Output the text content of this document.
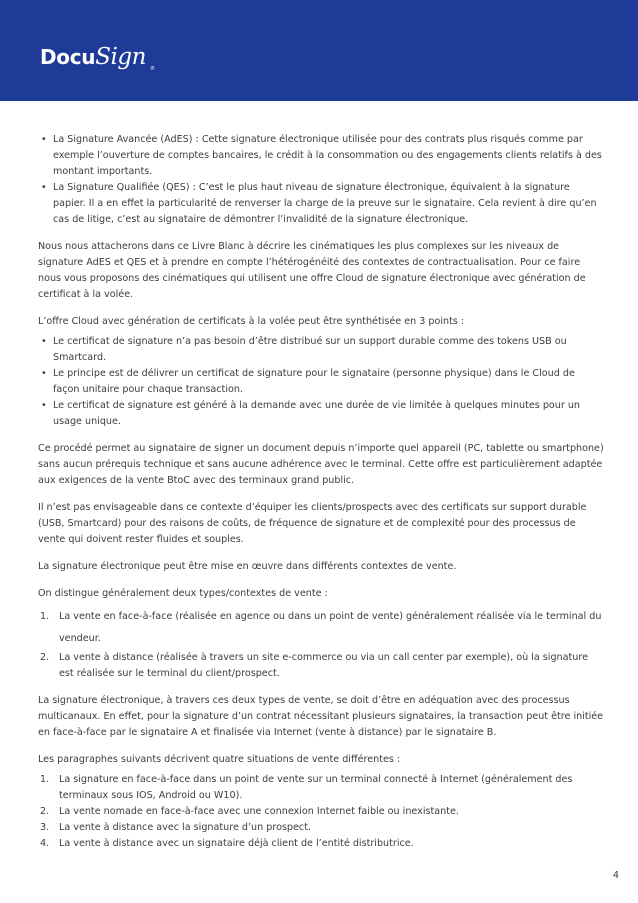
DocuSign ®
• La Signature Avancée (AdES) : Cette signature électronique utilisée pour des contrats plus risqués comme par exemple l’ouverture de comptes bancaires, le crédit à la consommation ou des engagements clients relatifs à des montant importants.
• La Signature Qualifiée (QES) : C’est le plus haut niveau de signature électronique, équivalent à la signature papier. Il a en effet la particularité de renverser la charge de la preuve sur le signataire. Cela revient à dire qu’en cas de litige, c’est au signataire de démontrer l’invalidité de la signature électronique.

Nous nous attacherons dans ce Livre Blanc à décrire les cinématiques les plus complexes sur les niveaux de signature AdES et QES et à prendre en compte l’hétérogénéité des contextes de contractualisation. Pour ce faire nous vous proposons des cinématiques qui utilisent une offre Cloud de signature électronique avec génération de certificat à la volée.

L’offre Cloud avec génération de certificats à la volée peut être synthétisée en 3 points :

• Le certificat de signature n’a pas besoin d’être distribué sur un support durable comme des tokens USB ou Smartcard.
• Le principe est de délivrer un certificat de signature pour le signataire (personne physique) dans le Cloud de façon unitaire pour chaque transaction.
• Le certificat de signature est généré à la demande avec une durée de vie limitée à quelques minutes pour un usage unique.

Ce procédé permet au signataire de signer un document depuis n’importe quel appareil (PC, tablette ou smartphone) sans aucun prérequis technique et sans aucune adhérence avec le terminal. Cette offre est particulièrement adaptée aux exigences de la vente BtoC avec des terminaux grand public.

Il n’est pas envisageable dans ce contexte d’équiper les clients/prospects avec des certificats sur support durable (USB, Smartcard) pour des raisons de coûts, de fréquence de signature et de complexité pour des processus de vente qui doivent rester fluides et souples.

La signature électronique peut être mise en œuvre dans différents contextes de vente.

On distingue généralement deux types/contextes de vente :

1. La vente en face-à-face (réalisée en agence ou dans un point de vente) généralement réalisée via le terminal du vendeur.
2. La vente à distance (réalisée à travers un site e-commerce ou via un call center par exemple), où la signature est réalisée sur le terminal du client/prospect.

La signature électronique, à travers ces deux types de vente, se doit d’être en adéquation avec des processus multicanaux. En effet, pour la signature d’un contrat nécessitant plusieurs signataires, la transaction peut être initiée en face-à-face par le signataire A et finalisée via Internet (vente à distance) par le signataire B.

Les paragraphes suivants décrivent quatre situations de vente différentes :

1. La signature en face-à-face dans un point de vente sur un terminal connecté à Internet (généralement des terminaux sous IOS, Android ou W10).
2. La vente nomade en face-à-face avec une connexion Internet faible ou inexistante.
3. La vente à distance avec la signature d’un prospect.
4. La vente à distance avec un signataire déjà client de l’entité distributrice.
4
